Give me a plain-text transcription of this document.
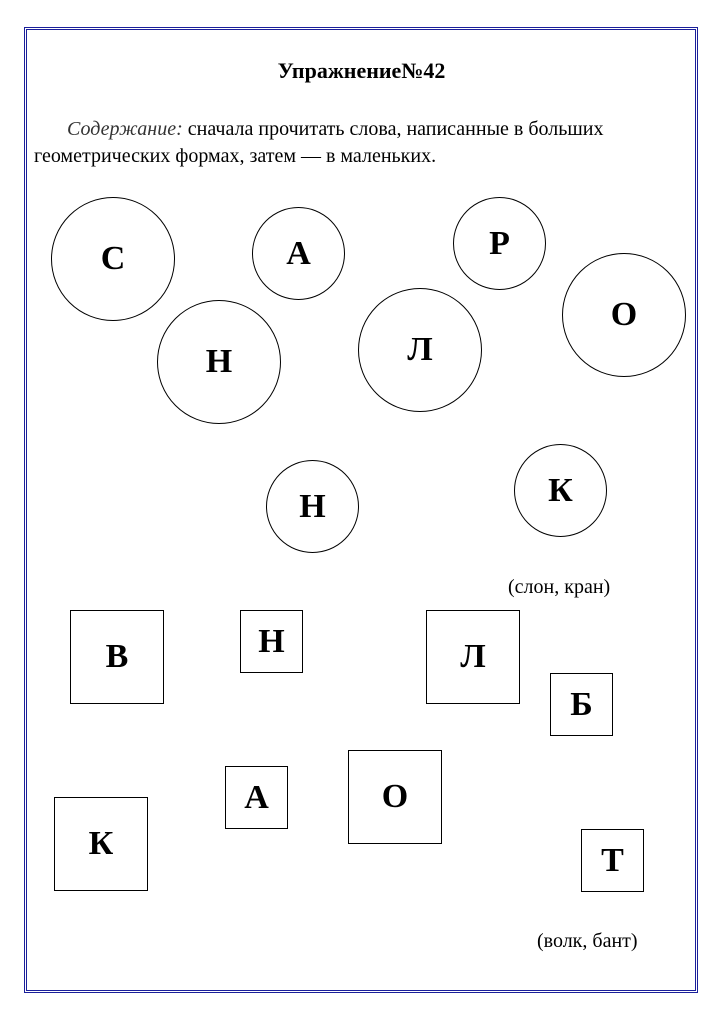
Упражнение№42
Содержание: сначала прочитать слова, написанные в больших геометрических формах, затем — в маленьких.
С	А	Р
О
Н	Л
Н	К
(слон, кран)
В	Н	Л
Б
А	О
К	Т
(волк, бант)
